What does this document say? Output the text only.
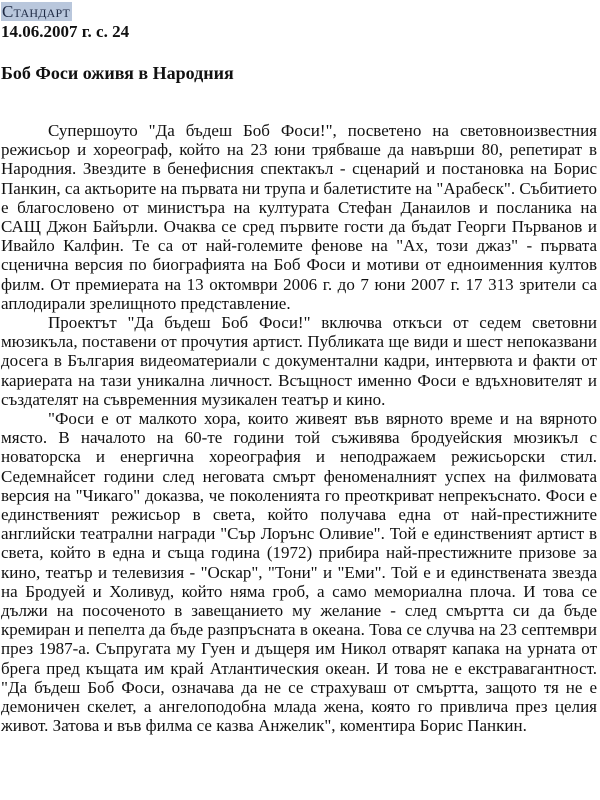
Стандарт
14.06.2007 г. с. 24
Боб Фоси оживя в Народния

Супершоуто "Да бъдеш Боб Фоси!", посветено на световноизвестния режисьор и хореограф, който на 23 юни трябваше да навърши 80, репетират в Народния. Звездите в бенефисния спектакъл - сценарий и постановка на Борис Панкин, са актьорите на първата ни трупа и балетистите на "Арабеск". Събитието е благословено от министъра на културата Стефан Данаилов и посланика на САЩ Джон Байърли. Очаква се сред първите гости да бъдат Георги Първанов и Ивайло Калфин. Те са от най-големите фенове на "Ах, този джаз" - първата сценична версия по биографията на Боб Фоси и мотиви от едноименния култов филм. От премиерата на 13 октомври 2006 г. до 7 юни 2007 г. 17 313 зрители са аплодирали зрелищното представление.

Проектът "Да бъдеш Боб Фоси!" включва откъси от седем световни мюзикъла, поставени от прочутия артист. Публиката ще види и шест непоказвани досега в България видеоматериали с документални кадри, интервюта и факти от кариерата на тази уникална личност. Всъщност именно Фоси е вдъхновителят и създателят на съвременния музикален театър и кино.

"Фоси е от малкото хора, които живеят във вярното време и на вярното място. В началото на 60-те години той съживява бродуейския мюзикъл с новаторска и енергична хореография и неподражаем режисьорски стил. Седемнайсет години след неговата смърт феноменалният успех на филмовата версия на "Чикаго" доказва, че поколенията го преоткриват непрекъснато. Фоси е единственият режисьор в света, който получава една от най-престижните английски театрални награди "Сър Лорънс Оливие". Той е единственият артист в света, който в една и съща година (1972) прибира най-престижните призове за кино, театър и телевизия - "Оскар", "Тони" и "Еми". Той е и единствената звезда на Бродуей и Холивуд, който няма гроб, а само мемориална плоча. И това се дължи на посоченото в завещанието му желание - след смъртта си да бъде кремиран и пепелта да бъде разпръсната в океана. Това се случва на 23 септември през 1987-а. Съпругата му Гуен и дъщеря им Никол отварят капака на урната от брега пред къщата им край Атлантическия океан. И това не е екстравагантност. "Да бъдеш Боб Фоси, означава да не се страхуваш от смъртта, защото тя не е демоничен скелет, а ангелоподобна млада жена, която го привлича през целия живот. Затова и във филма се казва Анжелик", коментира Борис Панкин.
